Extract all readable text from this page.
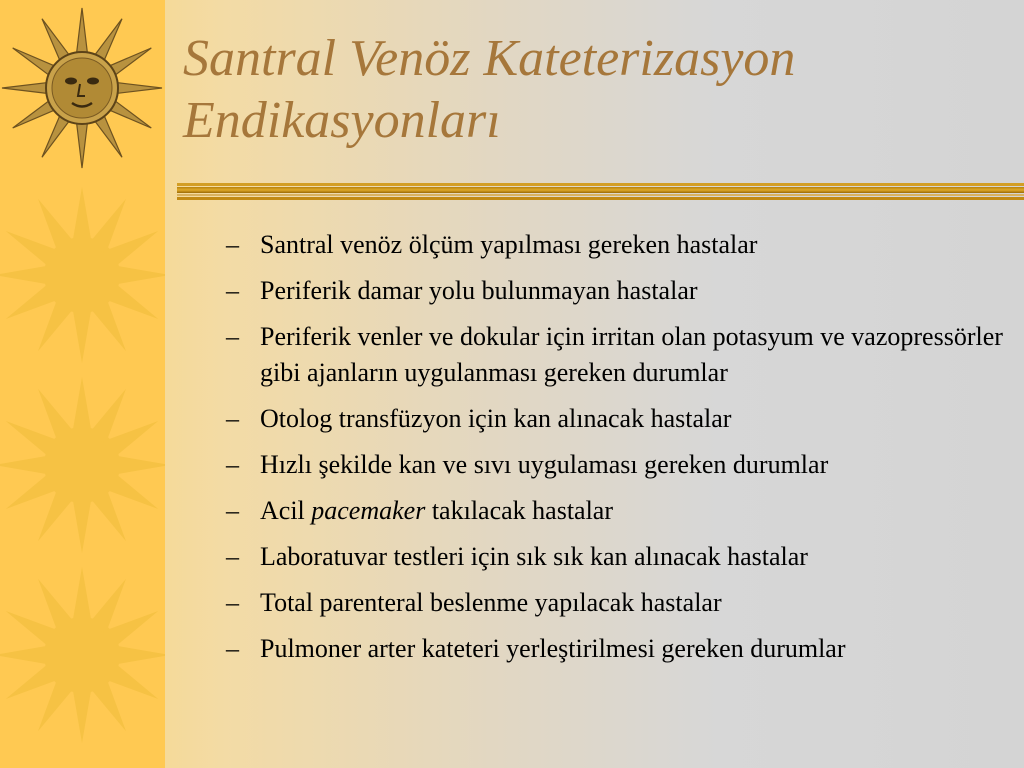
Santral Venöz Kateterizasyon
Endikasyonları
– Santral venöz ölçüm yapılması gereken hastalar
– Periferik damar yolu bulunmayan hastalar
– Periferik venler ve dokular için irritan olan potasyum ve vazopressörler gibi ajanların uygulanması gereken durumlar
– Otolog transfüzyon için kan alınacak hastalar
– Hızlı şekilde kan ve sıvı uygulaması gereken durumlar
– Acil pacemaker takılacak hastalar
– Laboratuvar testleri için sık sık kan alınacak hastalar
– Total parenteral beslenme yapılacak hastalar
– Pulmoner arter kateteri yerleştirilmesi gereken durumlar
